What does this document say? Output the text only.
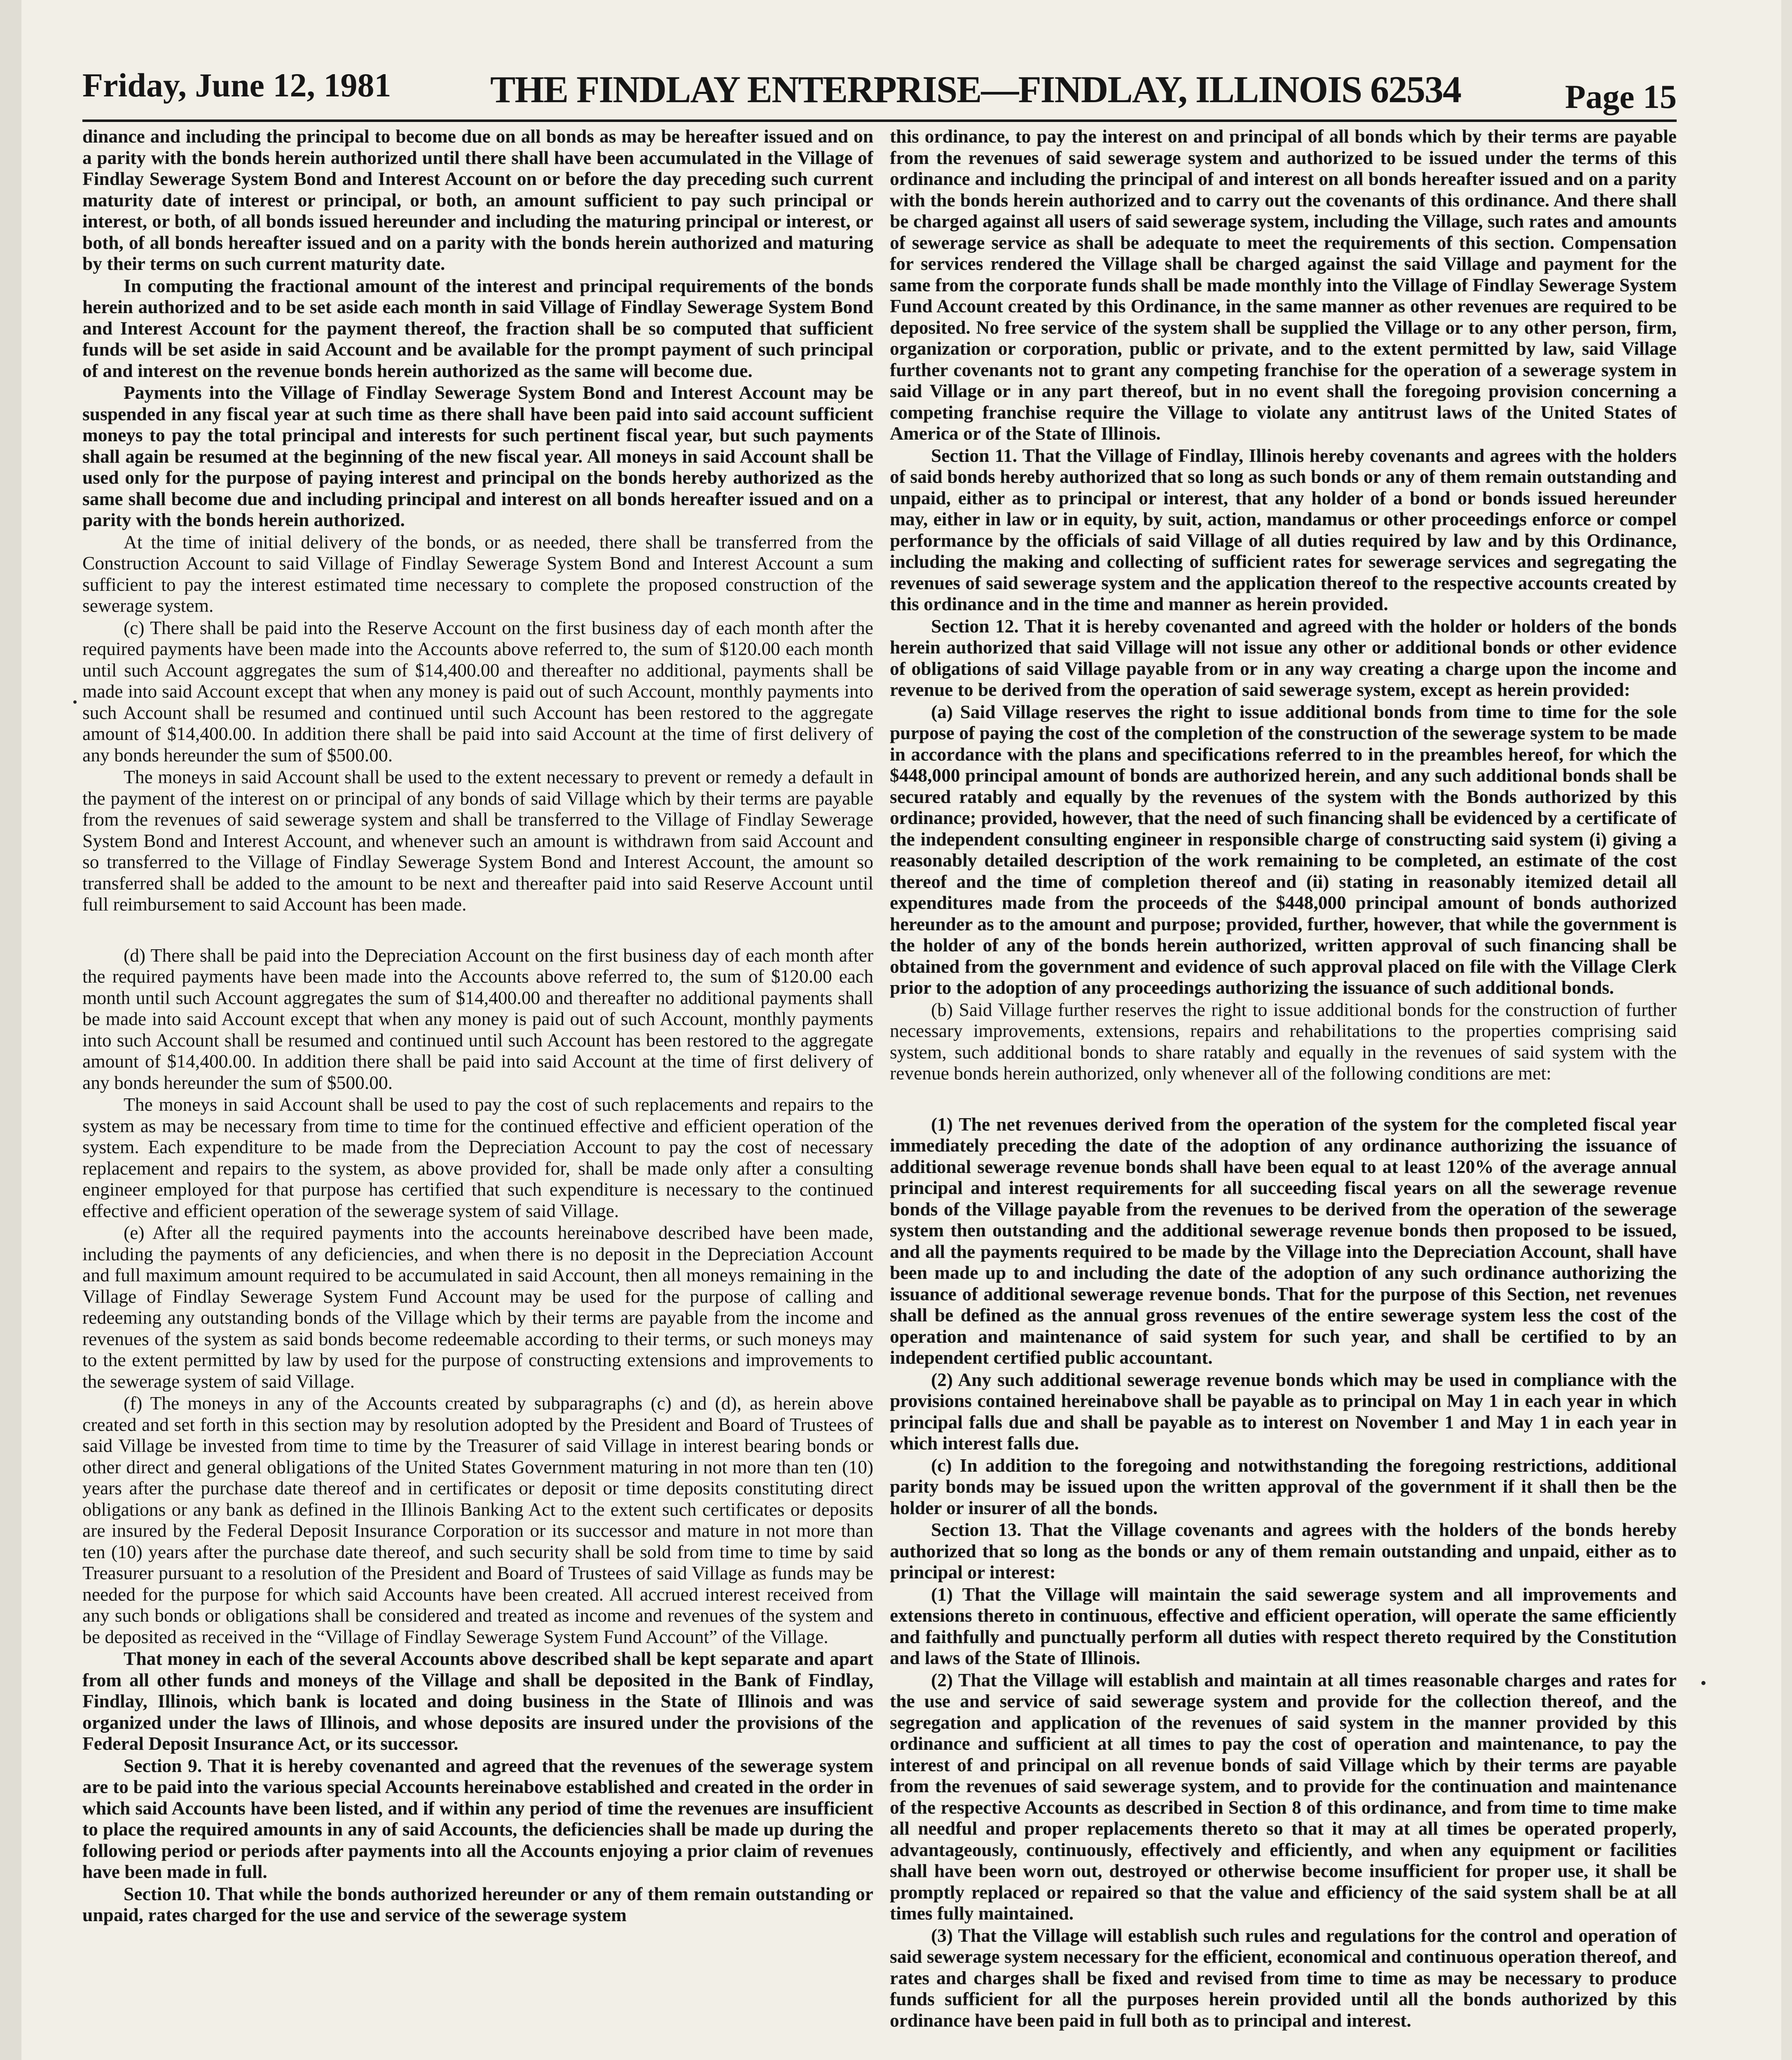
Friday, June 12, 1981	THE FINDLAY ENTERPRISE—FINDLAY, ILLINOIS 62534	Page 15

dinance and including the principal to become due on all bonds as may be hereafter issued and on a parity with the bonds herein authorized until there shall have been accumulated in the Village of Findlay Sewerage System Bond and Interest Account on or before the day preceding such current maturity date of interest or principal, or both, an amount sufficient to pay such principal or interest, or both, of all bonds issued hereunder and including the maturing principal or interest, or both, of all bonds hereafter issued and on a parity with the bonds herein authorized and maturing by their terms on such current maturity date.

In computing the fractional amount of the interest and principal requirements of the bonds herein authorized and to be set aside each month in said Village of Findlay Sewerage System Bond and Interest Account for the payment thereof, the fraction shall be so computed that sufficient funds will be set aside in said Account and be available for the prompt payment of such principal of and interest on the revenue bonds herein authorized as the same will become due.

Payments into the Village of Findlay Sewerage System Bond and Interest Account may be suspended in any fiscal year at such time as there shall have been paid into said account sufficient moneys to pay the total principal and interests for such pertinent fiscal year, but such payments shall again be resumed at the beginning of the new fiscal year. All moneys in said Account shall be used only for the purpose of paying interest and principal on the bonds hereby authorized as the same shall become due and including principal and interest on all bonds hereafter issued and on a parity with the bonds herein authorized.

At the time of initial delivery of the bonds, or as needed, there shall be transferred from the Construction Account to said Village of Findlay Sewerage System Bond and Interest Account a sum sufficient to pay the interest estimated time necessary to complete the proposed construction of the sewerage system.

(c) There shall be paid into the Reserve Account on the first business day of each month after the required payments have been made into the Accounts above referred to, the sum of $120.00 each month until such Account aggregates the sum of $14,400.00 and thereafter no additional, payments shall be made into said Account except that when any money is paid out of such Account, monthly payments into such Account shall be resumed and continued until such Account has been restored to the aggregate amount of $14,400.00. In addition there shall be paid into said Account at the time of first delivery of any bonds hereunder the sum of $500.00.

The moneys in said Account shall be used to the extent necessary to prevent or remedy a default in the payment of the interest on or principal of any bonds of said Village which by their terms are payable from the revenues of said sewerage system and shall be transferred to the Village of Findlay Sewerage System Bond and Interest Account, and whenever such an amount is withdrawn from said Account and so transferred to the Village of Findlay Sewerage System Bond and Interest Account, the amount so transferred shall be added to the amount to be next and thereafter paid into said Reserve Account until full reimbursement to said Account has been made.

(d) There shall be paid into the Depreciation Account on the first business day of each month after the required payments have been made into the Accounts above referred to, the sum of $120.00 each month until such Account aggregates the sum of $14,400.00 and thereafter no additional payments shall be made into said Account except that when any money is paid out of such Account, monthly payments into such Account shall be resumed and continued until such Account has been restored to the aggregate amount of $14,400.00. In addition there shall be paid into said Account at the time of first delivery of any bonds hereunder the sum of $500.00.

The moneys in said Account shall be used to pay the cost of such replacements and repairs to the system as may be necessary from time to time for the continued effective and efficient operation of the system. Each expenditure to be made from the Depreciation Account to pay the cost of necessary replacement and repairs to the system, as above provided for, shall be made only after a consulting engineer employed for that purpose has certified that such expenditure is necessary to the continued effective and efficient operation of the sewerage system of said Village.

(e) After all the required payments into the accounts hereinabove described have been made, including the payments of any deficiencies, and when there is no deposit in the Depreciation Account and full maximum amount required to be accumulated in said Account, then all moneys remaining in the Village of Findlay Sewerage System Fund Account may be used for the purpose of calling and redeeming any outstanding bonds of the Village which by their terms are payable from the income and revenues of the system as said bonds become redeemable according to their terms, or such moneys may to the extent permitted by law by used for the purpose of constructing extensions and improvements to the sewerage system of said Village.

(f) The moneys in any of the Accounts created by subparagraphs (c) and (d), as herein above created and set forth in this section may by resolution adopted by the President and Board of Trustees of said Village be invested from time to time by the Treasurer of said Village in interest bearing bonds or other direct and general obligations of the United States Government maturing in not more than ten (10) years after the purchase date thereof and in certificates or deposit or time deposits constituting direct obligations or any bank as defined in the Illinois Banking Act to the extent such certificates or deposits are insured by the Federal Deposit Insurance Corporation or its successor and mature in not more than ten (10) years after the purchase date thereof, and such security shall be sold from time to time by said Treasurer pursuant to a resolution of the President and Board of Trustees of said Village as funds may be needed for the purpose for which said Accounts have been created. All accrued interest received from any such bonds or obligations shall be considered and treated as income and revenues of the system and be deposited as received in the “Village of Findlay Sewerage System Fund Account” of the Village.

That money in each of the several Accounts above described shall be kept separate and apart from all other funds and moneys of the Village and shall be deposited in the Bank of Findlay, Findlay, Illinois, which bank is located and doing business in the State of Illinois and was organized under the laws of Illinois, and whose deposits are insured under the provisions of the Federal Deposit Insurance Act, or its successor.

Section 9. That it is hereby covenanted and agreed that the revenues of the sewerage system are to be paid into the various special Accounts hereinabove established and created in the order in which said Accounts have been listed, and if within any period of time the revenues are insufficient to place the required amounts in any of said Accounts, the deficiencies shall be made up during the following period or periods after payments into all the Accounts enjoying a prior claim of revenues have been made in full.

Section 10. That while the bonds authorized hereunder or any of them remain outstanding or unpaid, rates charged for the use and service of the sewerage system

this ordinance, to pay the interest on and principal of all bonds which by their terms are payable from the revenues of said sewerage system and authorized to be issued under the terms of this ordinance and including the principal of and interest on all bonds hereafter issued and on a parity with the bonds herein authorized and to carry out the covenants of this ordinance. And there shall be charged against all users of said sewerage system, including the Village, such rates and amounts of sewerage service as shall be adequate to meet the requirements of this section. Compensation for services rendered the Village shall be charged against the said Village and payment for the same from the corporate funds shall be made monthly into the Village of Findlay Sewerage System Fund Account created by this Ordinance, in the same manner as other revenues are required to be deposited. No free service of the system shall be supplied the Village or to any other person, firm, organization or corporation, public or private, and to the extent permitted by law, said Village further covenants not to grant any competing franchise for the operation of a sewerage system in said Village or in any part thereof, but in no event shall the foregoing provision concerning a competing franchise require the Village to violate any antitrust laws of the United States of America or of the State of Illinois.

Section 11. That the Village of Findlay, Illinois hereby covenants and agrees with the holders of said bonds hereby authorized that so long as such bonds or any of them remain outstanding and unpaid, either as to principal or interest, that any holder of a bond or bonds issued hereunder may, either in law or in equity, by suit, action, mandamus or other proceedings enforce or compel performance by the officials of said Village of all duties required by law and by this Ordinance, including the making and collecting of sufficient rates for sewerage services and segregating the revenues of said sewerage system and the application thereof to the respective accounts created by this ordinance and in the time and manner as herein provided.

Section 12. That it is hereby covenanted and agreed with the holder or holders of the bonds herein authorized that said Village will not issue any other or additional bonds or other evidence of obligations of said Village payable from or in any way creating a charge upon the income and revenue to be derived from the operation of said sewerage system, except as herein provided:

(a) Said Village reserves the right to issue additional bonds from time to time for the sole purpose of paying the cost of the completion of the construction of the sewerage system to be made in accordance with the plans and specifications referred to in the preambles hereof, for which the $448,000 principal amount of bonds are authorized herein, and any such additional bonds shall be secured ratably and equally by the revenues of the system with the Bonds authorized by this ordinance; provided, however, that the need of such financing shall be evidenced by a certificate of the independent consulting engineer in responsible charge of constructing said system (i) giving a reasonably detailed description of the work remaining to be completed, an estimate of the cost thereof and the time of completion thereof and (ii) stating in reasonably itemized detail all expenditures made from the proceeds of the $448,000 principal amount of bonds authorized hereunder as to the amount and purpose; provided, further, however, that while the government is the holder of any of the bonds herein authorized, written approval of such financing shall be obtained from the government and evidence of such approval placed on file with the Village Clerk prior to the adoption of any proceedings authorizing the issuance of such additional bonds.

(b) Said Village further reserves the right to issue additional bonds for the construction of further necessary improvements, extensions, repairs and rehabilitations to the properties comprising said system, such additional bonds to share ratably and equally in the revenues of said system with the revenue bonds herein authorized, only whenever all of the following conditions are met:

(1) The net revenues derived from the operation of the system for the completed fiscal year immediately preceding the date of the adoption of any ordinance authorizing the issuance of additional sewerage revenue bonds shall have been equal to at least 120% of the average annual principal and interest requirements for all succeeding fiscal years on all the sewerage revenue bonds of the Village payable from the revenues to be derived from the operation of the sewerage system then outstanding and the additional sewerage revenue bonds then proposed to be issued, and all the payments required to be made by the Village into the Depreciation Account, shall have been made up to and including the date of the adoption of any such ordinance authorizing the issuance of additional sewerage revenue bonds. That for the purpose of this Section, net revenues shall be defined as the annual gross revenues of the entire sewerage system less the cost of the operation and maintenance of said system for such year, and shall be certified to by an independent certified public accountant.

(2) Any such additional sewerage revenue bonds which may be used in compliance with the provisions contained hereinabove shall be payable as to principal on May 1 in each year in which principal falls due and shall be payable as to interest on November 1 and May 1 in each year in which interest falls due.

(c) In addition to the foregoing and notwithstanding the foregoing restrictions, additional parity bonds may be issued upon the written approval of the government if it shall then be the holder or insurer of all the bonds.

Section 13. That the Village covenants and agrees with the holders of the bonds hereby authorized that so long as the bonds or any of them remain outstanding and unpaid, either as to principal or interest:

(1) That the Village will maintain the said sewerage system and all improvements and extensions thereto in continuous, effective and efficient operation, will operate the same efficiently and faithfully and punctually perform all duties with respect thereto required by the Constitution and laws of the State of Illinois.

(2) That the Village will establish and maintain at all times reasonable charges and rates for the use and service of said sewerage system and provide for the collection thereof, and the segregation and application of the revenues of said system in the manner provided by this ordinance and sufficient at all times to pay the cost of operation and maintenance, to pay the interest of and principal on all revenue bonds of said Village which by their terms are payable from the revenues of said sewerage system, and to provide for the continuation and maintenance of the respective Accounts as described in Section 8 of this ordinance, and from time to time make all needful and proper replacements thereto so that it may at all times be operated properly, advantageously, continuously, effectively and efficiently, and when any equipment or facilities shall have been worn out, destroyed or otherwise become insufficient for proper use, it shall be promptly replaced or repaired so that the value and efficiency of the said system shall be at all times fully maintained.

(3) That the Village will establish such rules and regulations for the control and operation of said sewerage system necessary for the efficient, economical and continuous operation thereof, and rates and charges shall be fixed and revised from time to time as may be necessary to produce funds sufficient for all the purposes herein provided until all the bonds authorized by this ordinance have been paid in full both as to principal and interest.
